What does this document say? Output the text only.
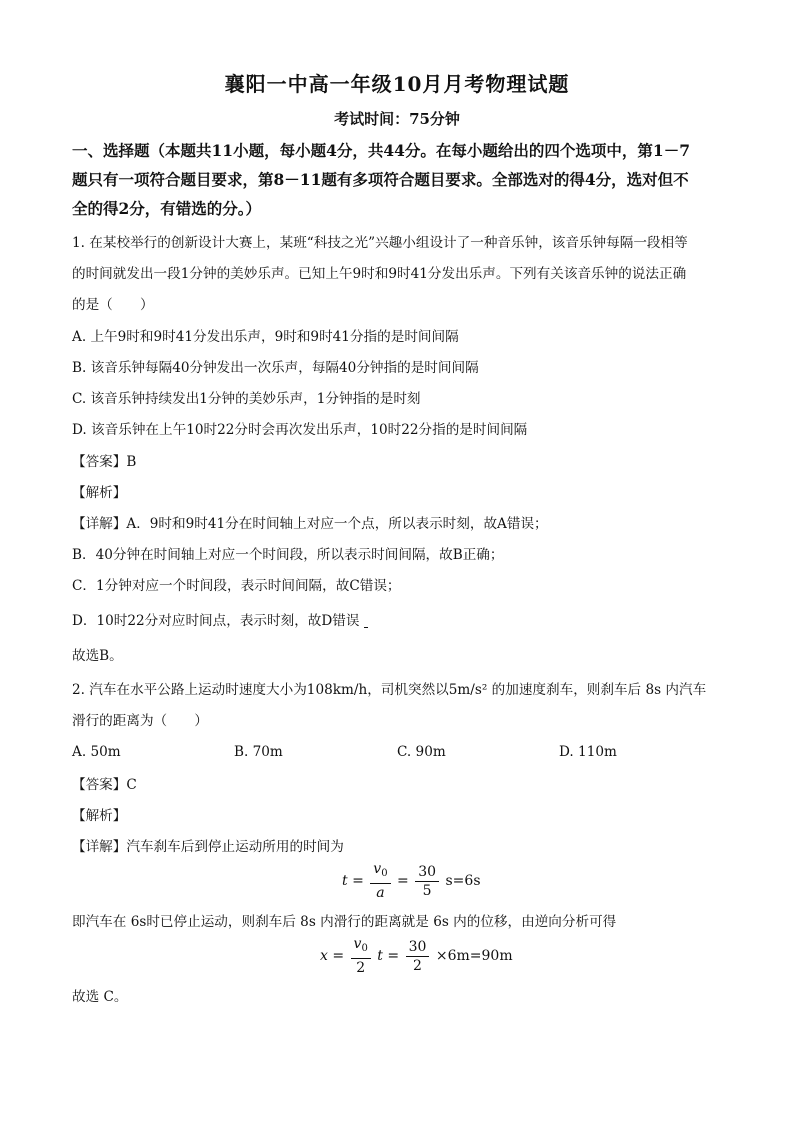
襄阳一中高一年级10月月考物理试题
考试时间：75分钟
一、选择题（本题共11小题，每小题4分，共44分。在每小题给出的四个选项中，第1－7
题只有一项符合题目要求，第8－11题有多项符合题目要求。全部选对的得4分，选对但不
全的得2分，有错选的分。）
1. 在某校举行的创新设计大赛上，某班“科技之光”兴趣小组设计了一种音乐钟，该音乐钟每隔一段相等
的时间就发出一段1分钟的美妙乐声。已知上午9时和9时41分发出乐声。下列有关该音乐钟的说法正确
的是（　　）
A. 上午9时和9时41分发出乐声，9时和9时41分指的是时间间隔
B. 该音乐钟每隔40分钟发出一次乐声，每隔40分钟指的是时间间隔
C. 该音乐钟持续发出1分钟的美妙乐声，1分钟指的是时刻
D. 该音乐钟在上午10时22分时会再次发出乐声，10时22分指的是时间间隔
【答案】B
【解析】
【详解】A．9时和9时41分在时间轴上对应一个点，所以表示时刻，故A错误；
B．40分钟在时间轴上对应一个时间段，所以表示时间间隔，故B正确；
C．1分钟对应一个时间段，表示时间间隔，故C错误；
D．10时22分对应时间点，表示时刻，故D错误
故选B。
2. 汽车在水平公路上运动时速度大小为108km/h，司机突然以5m/s² 的加速度刹车，则刹车后 8s 内汽车
滑行的距离为（　　）
A. 50m	B. 70m	C. 90m	D. 110m
【答案】C
【解析】
【详解】汽车刹车后到停止运动所用的时间为
$t = \frac{v_0}{a} = \frac{30}{5} s=6s$
即汽车在 6s时已停止运动，则刹车后 8s 内滑行的距离就是 6s 内的位移，由逆向分析可得
$x = \frac{v_0}{2}$ $t = \frac{30}{2} \times 6m=90m$
故选 C。
